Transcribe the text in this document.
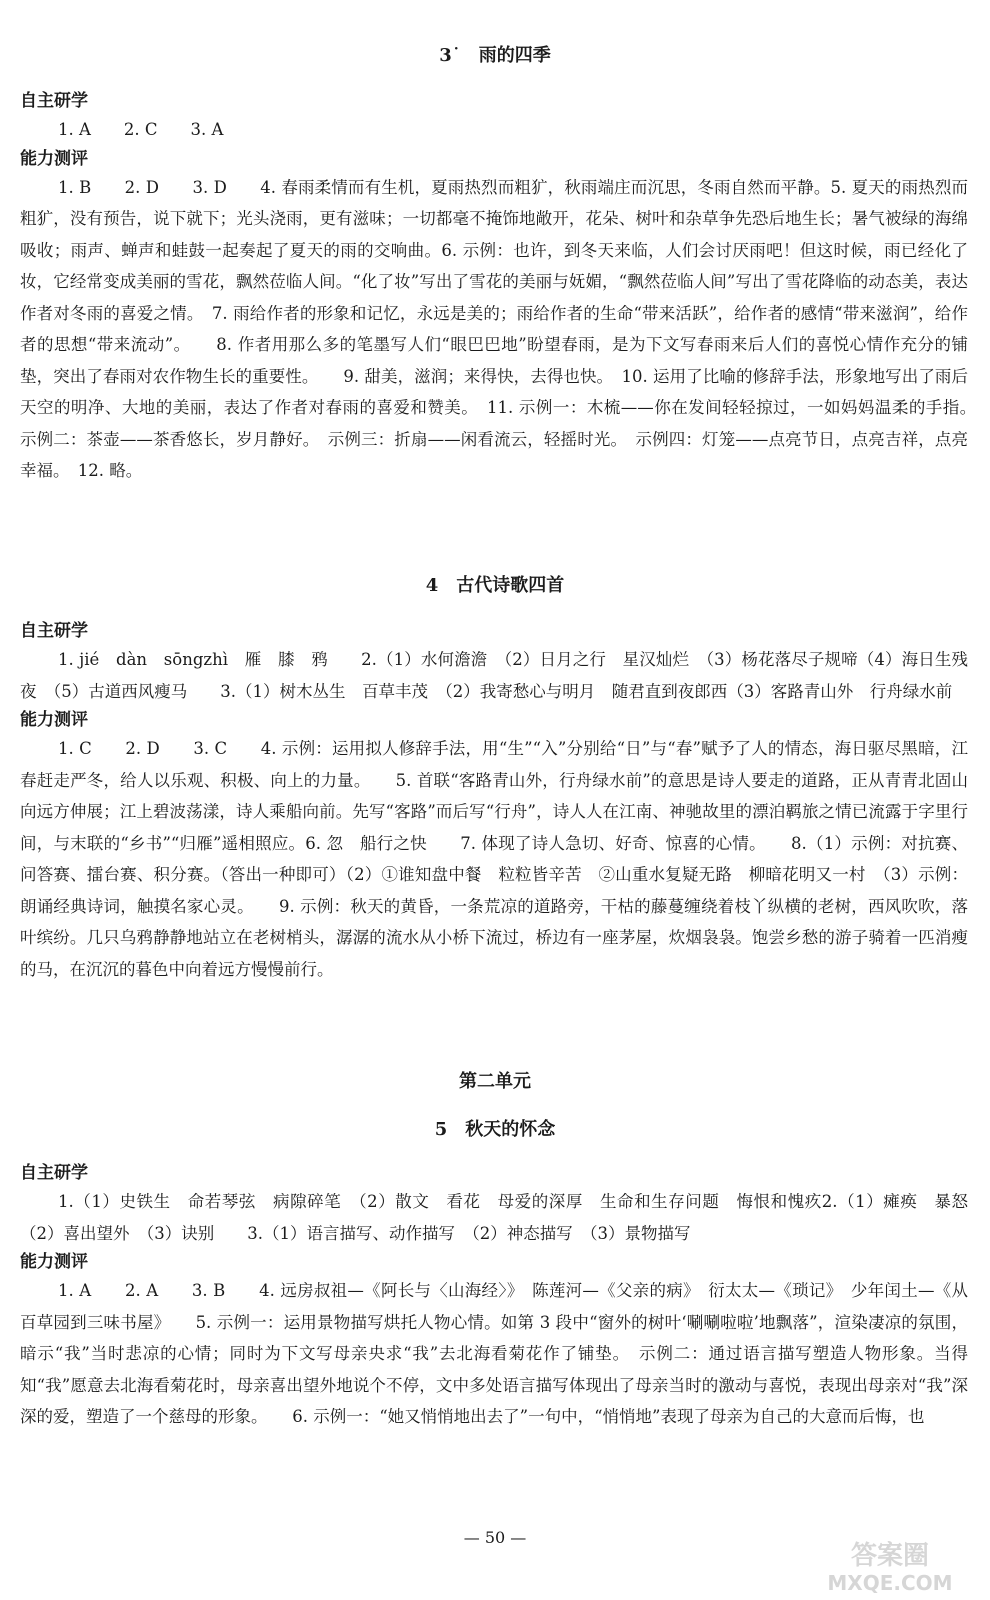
3˙　雨的四季

自主研学

1. A　　2. C　　3. A

能力测评

1. B　　2. D　　3. D　　4. 春雨柔情而有生机，夏雨热烈而粗犷，秋雨端庄而沉思，冬雨自然而平静。5. 夏天的雨热烈而粗犷，没有预告，说下就下；光头浇雨，更有滋味；一切都毫不掩饰地敞开，花朵、树叶和杂草争先恐后地生长；暑气被绿的海绵吸收；雨声、蝉声和蛙鼓一起奏起了夏天的雨的交响曲。6. 示例：也许，到冬天来临，人们会讨厌雨吧！但这时候，雨已经化了妆，它经常变成美丽的雪花，飘然莅临人间。“化了妆”写出了雪花的美丽与妩媚，“飘然莅临人间”写出了雪花降临的动态美，表达作者对冬雨的喜爱之情。　7. 雨给作者的形象和记忆，永远是美的；雨给作者的生命“带来活跃”，给作者的感情“带来滋润”，给作者的思想“带来流动”。　　8. 作者用那么多的笔墨写人们“眼巴巴地”盼望春雨，是为下文写春雨来后人们的喜悦心情作充分的铺垫，突出了春雨对农作物生长的重要性。　　9. 甜美，滋润；来得快，去得也快。　10. 运用了比喻的修辞手法，形象地写出了雨后天空的明净、大地的美丽，表达了作者对春雨的喜爱和赞美。　11. 示例一：木梳——你在发间轻轻掠过，一如妈妈温柔的手指。　示例二：茶壶——茶香悠长，岁月静好。　示例三：折扇——闲看流云，轻摇时光。　示例四：灯笼——点亮节日，点亮吉祥，点亮幸福。　12. 略。

4　古代诗歌四首

自主研学

1. jié　dàn　sōngzhì　雁　膝　鸦　　2.（1）水何澹澹　（2）日月之行　星汉灿烂　（3）杨花落尽子规啼（4）海日生残夜　（5）古道西风瘦马　　3.（1）树木丛生　百草丰茂　（2）我寄愁心与明月　随君直到夜郎西（3）客路青山外　行舟绿水前

能力测评

1. C　　2. D　　3. C　　4. 示例：运用拟人修辞手法，用“生”“入”分别给“日”与“春”赋予了人的情态，海日驱尽黑暗，江春赶走严冬，给人以乐观、积极、向上的力量。　　5. 首联“客路青山外，行舟绿水前”的意思是诗人要走的道路，正从青青北固山向远方伸展；江上碧波荡漾，诗人乘船向前。先写“客路”而后写“行舟”，诗人人在江南、神驰故里的漂泊羁旅之情已流露于字里行间，与末联的“乡书”“归雁”遥相照应。6. 忽　船行之快　　7. 体现了诗人急切、好奇、惊喜的心情。　　8.（1）示例：对抗赛、问答赛、擂台赛、积分赛。（答出一种即可）（2）①谁知盘中餐　粒粒皆辛苦　②山重水复疑无路　柳暗花明又一村　（3）示例：朗诵经典诗词，触摸名家心灵。　　9. 示例：秋天的黄昏，一条荒凉的道路旁，干枯的藤蔓缠绕着枝丫纵横的老树，西风吹吹，落叶缤纷。几只乌鸦静静地站立在老树梢头，潺潺的流水从小桥下流过，桥边有一座茅屋，炊烟袅袅。饱尝乡愁的游子骑着一匹消瘦的马，在沉沉的暮色中向着远方慢慢前行。

第二单元

5　秋天的怀念

自主研学

1.（1）史铁生　命若琴弦　病隙碎笔　（2）散文　看花　母爱的深厚　生命和生存问题　悔恨和愧疚2.（1）瘫痪　暴怒　（2）喜出望外　（3）诀别　　3.（1）语言描写、动作描写　（2）神态描写　（3）景物描写

能力测评

1. A　　2. A　　3. B　　4. 远房叔祖—《阿长与〈山海经〉》　陈莲河—《父亲的病》　衍太太—《琐记》　少年闰土—《从百草园到三味书屋》　　5. 示例一：运用景物描写烘托人物心情。如第 3 段中“窗外的树叶‘唰唰啦啦’地飘落”，渲染凄凉的氛围，暗示“我”当时悲凉的心情；同时为下文写母亲央求“我”去北海看菊花作了铺垫。　示例二：通过语言描写塑造人物形象。当得知“我”愿意去北海看菊花时，母亲喜出望外地说个不停，文中多处语言描写体现出了母亲当时的激动与喜悦，表现出母亲对“我”深深的爱，塑造了一个慈母的形象。　　6. 示例一：“她又悄悄地出去了”一句中，“悄悄地”表现了母亲为自己的大意而后悔，也

— 50 —
答案圈
MXQE.COM
